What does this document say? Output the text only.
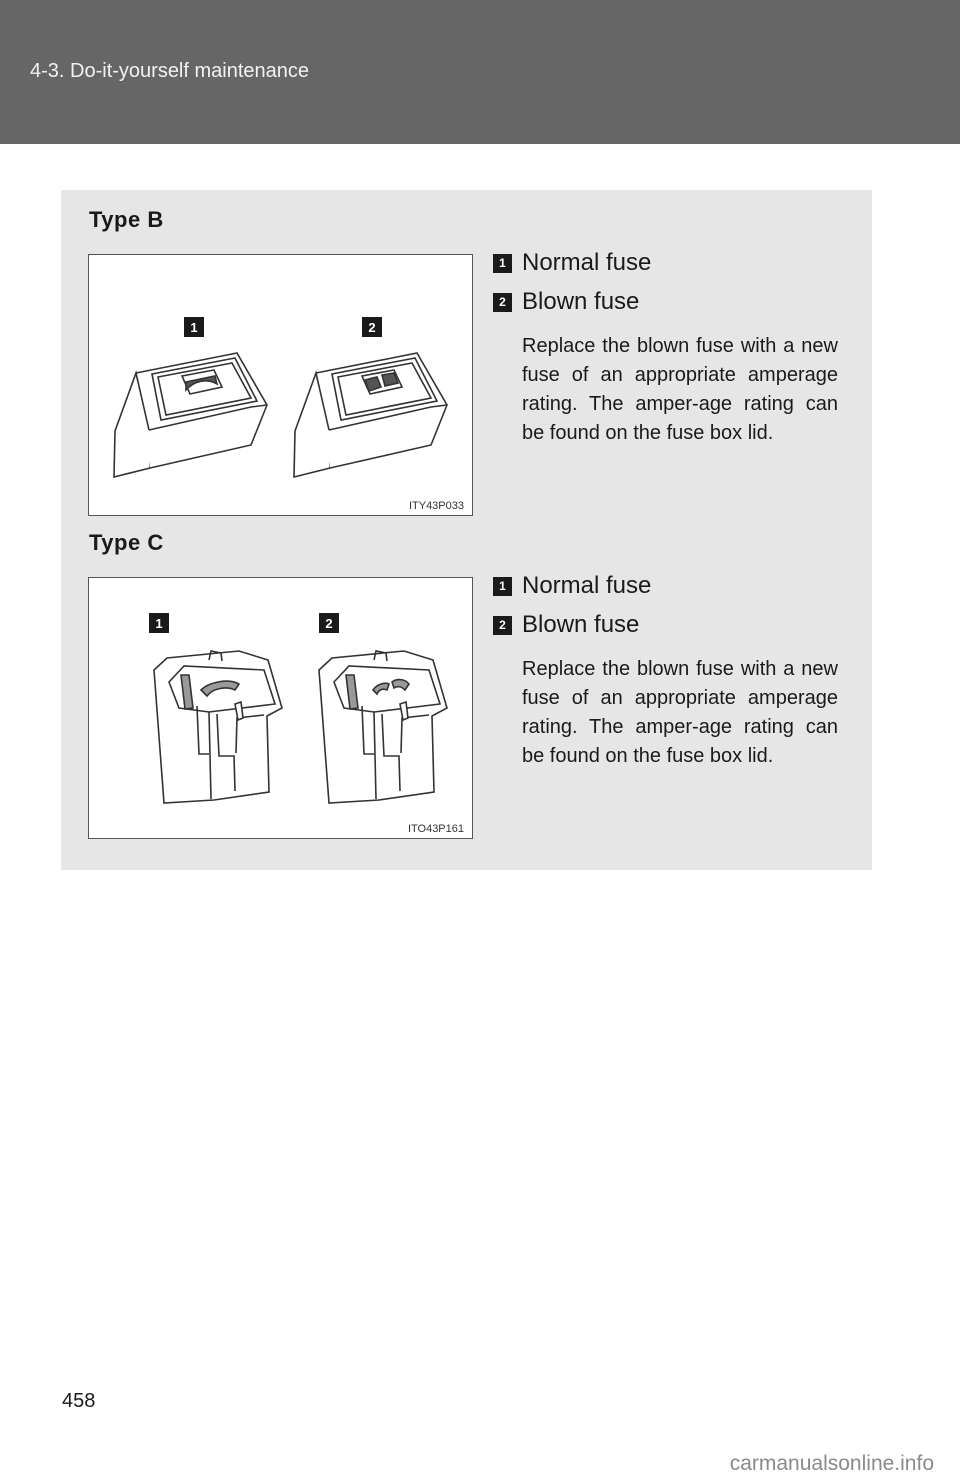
4-3. Do-it-yourself maintenance
Type B
1	2
ITY43P033
1 Normal fuse
2 Blown fuse
Replace the blown fuse with a new fuse of an appropriate amperage rating. The amper-age rating can be found on the fuse box lid.
Type C
1	2
ITO43P161
1 Normal fuse
2 Blown fuse
Replace the blown fuse with a new fuse of an appropriate amperage rating. The amper-age rating can be found on the fuse box lid.
458
carmanualsonline.info
